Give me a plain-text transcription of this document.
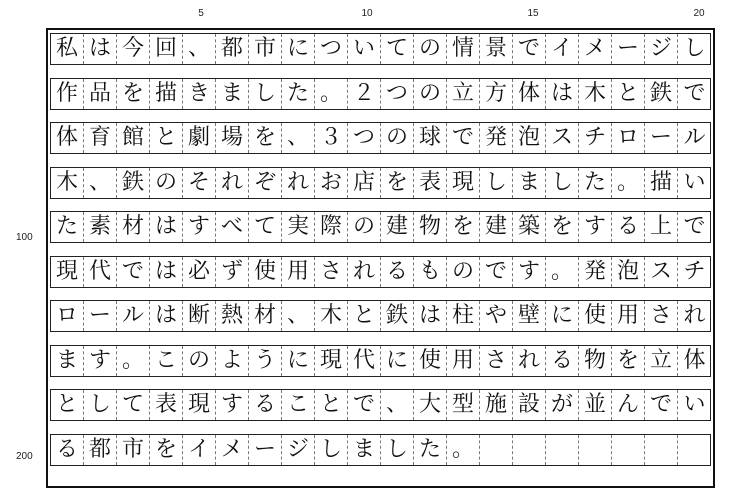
5	10	15	20
100
200
私 は 今 回 、 都 市 に つ い て の 情 景 で イ メ ー ジ し
作 品 を 描 き ま し た 。 ２ つ の 立 方 体 は 木 と 鉄 で
体 育 館 と 劇 場 を 、 ３ つ の 球 で 発 泡 ス チ ロ ー ル
木 、 鉄 の そ れ ぞ れ お 店 を 表 現 し ま し た 。 描 い
た 素 材 は す べ て 実 際 の 建 物 を 建 築 を す る 上 で
現 代 で は 必 ず 使 用 さ れ る も の で す 。 発 泡 ス チ
ロ ー ル は 断 熱 材 、 木 と 鉄 は 柱 や 壁 に 使 用 さ れ
ま す 。 こ の よ う に 現 代 に 使 用 さ れ る 物 を 立 体
と し て 表 現 す る こ と で 、 大 型 施 設 が 並 ん で い
る 都 市 を イ メ ー ジ し ま し た 。
